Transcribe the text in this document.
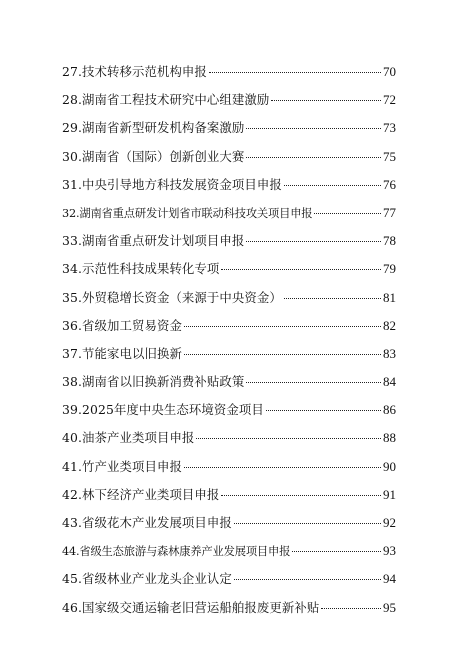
27.技术转移示范机构申报	70
28.湖南省工程技术研究中心组建激励	72
29.湖南省新型研发机构备案激励	73
30.湖南省（国际）创新创业大赛	75
31.中央引导地方科技发展资金项目申报	76
32.湖南省重点研发计划省市联动科技攻关项目申报	77
33.湖南省重点研发计划项目申报	78
34.示范性科技成果转化专项	79
35.外贸稳增长资金（来源于中央资金）	81
36.省级加工贸易资金	82
37.节能家电以旧换新	83
38.湖南省以旧换新消费补贴政策	84
39.2025年度中央生态环境资金项目	86
40.油茶产业类项目申报	88
41.竹产业类项目申报	90
42.林下经济产业类项目申报	91
43.省级花木产业发展项目申报	92
44.省级生态旅游与森林康养产业发展项目申报	93
45.省级林业产业龙头企业认定	94
46.国家级交通运输老旧营运船舶报废更新补贴	95
